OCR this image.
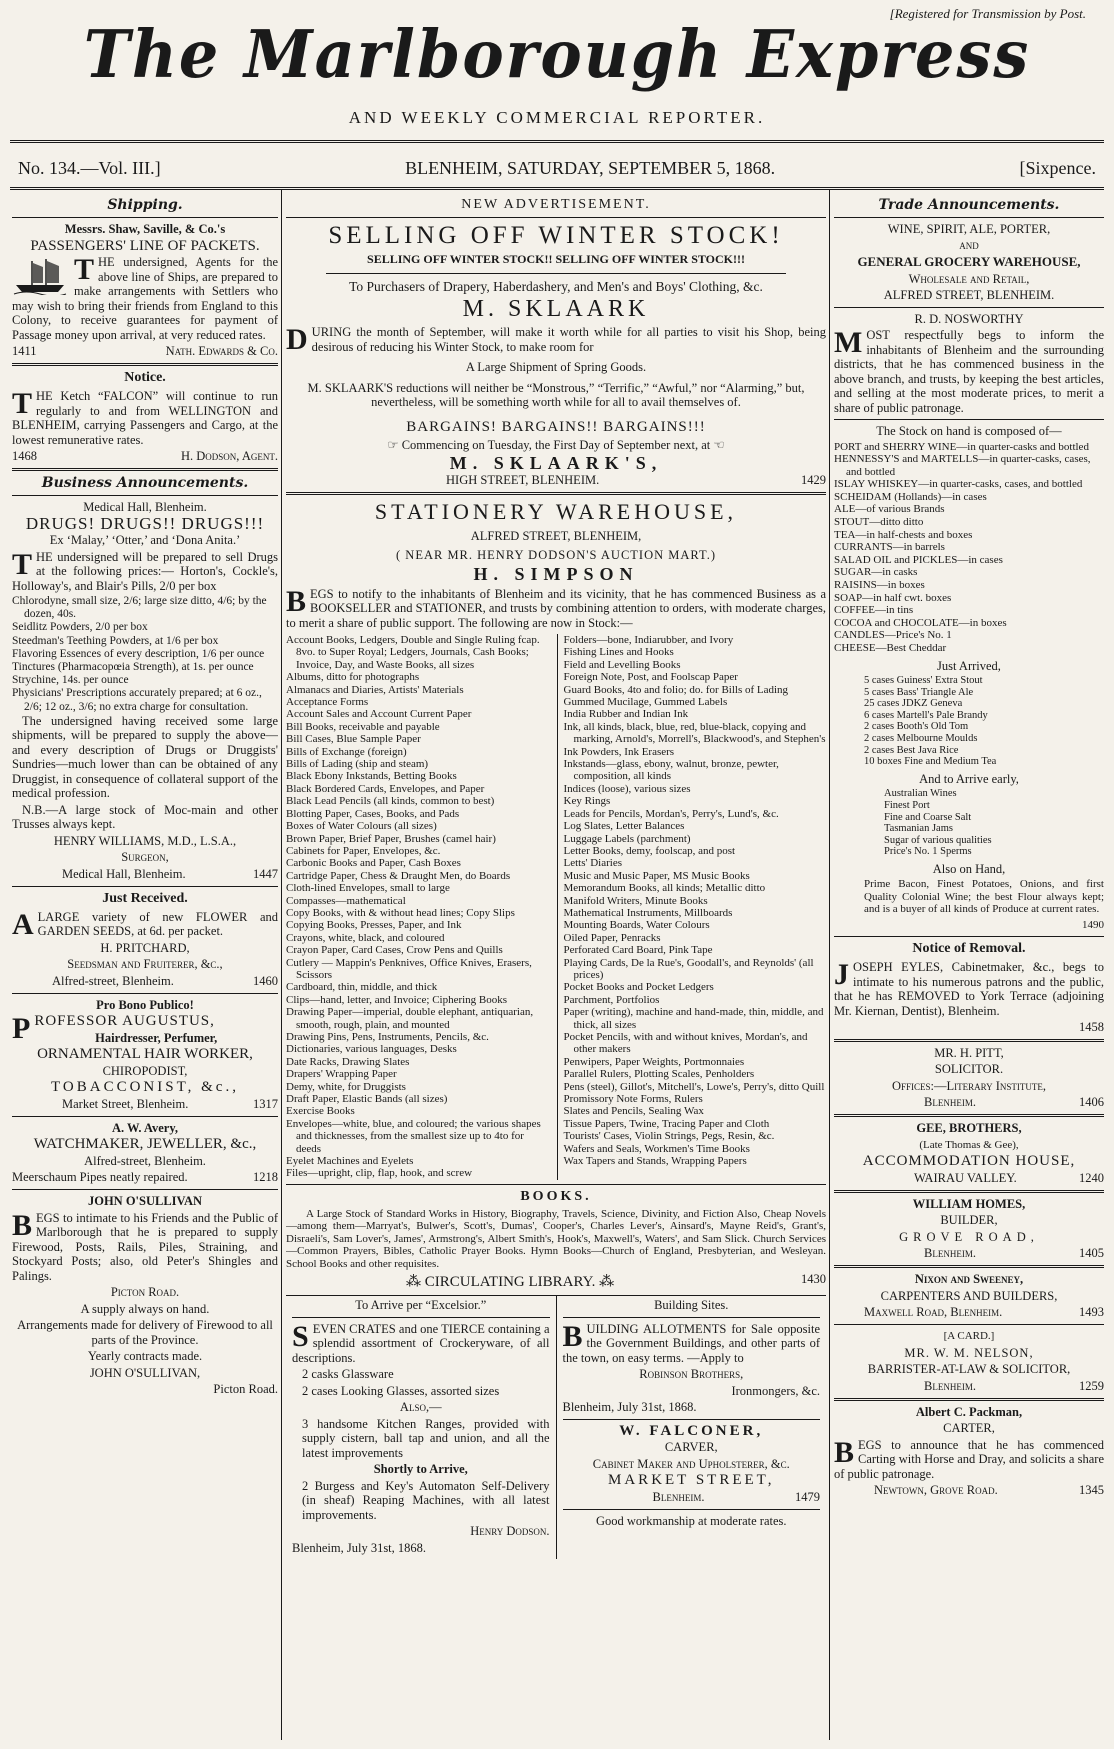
[Registered for Transmission by Post.
The Marlborough Express
AND WEEKLY COMMERCIAL REPORTER.
No. 134.—Vol. III.]	BLENHEIM, SATURDAY, SEPTEMBER 5, 1868.	[Sixpence.
Shipping.

Messrs. Shaw, Saville, & Co.'s

PASSENGERS' LINE OF PACKETS.

THE undersigned, Agents for the above line of Ships, are prepared to make arrangements with Settlers who may wish to bring their friends from England to this Colony, to receive guarantees for payment of Passage money upon arrival, at very reduced rates.

1411	Nath. Edwards & Co.
Notice.

THE Ketch “FALCON” will continue to run regularly to and from WELLINGTON and BLENHEIM, carrying Passengers and Cargo, at the lowest remunerative rates.

1468	H. Dodson, Agent.
Business Announcements.

Medical Hall, Blenheim.

DRUGS! DRUGS!! DRUGS!!!

Ex ‘Malay,’ ‘Otter,’ and ‘Dona Anita.’

THE undersigned will be prepared to sell Drugs at the following prices:— Horton's, Cockle's, Holloway's, and Blair's Pills, 2/0 per box

Chlorodyne, small size, 2/6; large size ditto, 4/6; by the dozen, 40s.
Seidlitz Powders, 2/0 per box
Steedman's Teething Powders, at 1/6 per box
Flavoring Essences of every description, 1/6 per ounce
Tinctures (Pharmacopœia Strength), at 1s. per ounce
Strychine, 14s. per ounce
Physicians' Prescriptions accurately prepared; at 6 oz., 2/6; 12 oz., 3/6; no extra charge for consultation.

The undersigned having received some large shipments, will be prepared to supply the above—and every description of Drugs or Druggists' Sundries—much lower than can be obtained of any Druggist, in consequence of collateral support of the medical profession.

N.B.—A large stock of Moc-main and other Trusses always kept.

HENRY WILLIAMS, M.D., L.S.A.,

Surgeon,

Medical Hall, Blenheim.	1447
Just Received.

ALARGE variety of new FLOWER and GARDEN SEEDS, at 6d. per packet.

H. PRITCHARD,

Seedsman and Fruiterer, &c.,

Alfred-street, Blenheim.	1460

Pro Bono Publico!

PROFESSOR AUGUSTUS,

Hairdresser, Perfumer,

ORNAMENTAL HAIR WORKER,

CHIROPODIST,

TOBACCONIST, &c.,

Market Street, Blenheim.	1317

A. W. Avery,

WATCHMAKER, JEWELLER, &c.,

Alfred-street, Blenheim.

Meerschaum Pipes neatly repaired.	1218

JOHN O'SULLIVAN

BEGS to intimate to his Friends and the Public of Marlborough that he is prepared to supply Firewood, Posts, Rails, Piles, Straining, and Stockyard Posts; also, old Peter's Shingles and Palings.

Picton Road.

A supply always on hand.

Arrangements made for delivery of Firewood to all parts of the Province.

Yearly contracts made.

JOHN O'SULLIVAN,

Picton Road.

NEW ADVERTISEMENT.
SELLING OFF WINTER STOCK!

SELLING OFF WINTER STOCK!! SELLING OFF WINTER STOCK!!!

To Purchasers of Drapery, Haberdashery, and Men's and Boys' Clothing, &c.

M. SKLAARK

DURING the month of September, will make it worth while for all parties to visit his Shop, being desirous of reducing his Winter Stock, to make room for

A Large Shipment of Spring Goods.

M. SKLAARK'S reductions will neither be “Monstrous,” “Terrific,” “Awful,” nor “Alarming,” but, nevertheless, will be something worth while for all to avail themselves of.

BARGAINS! BARGAINS!! BARGAINS!!!

☞ Commencing on Tuesday, the First Day of September next, at ☜

M. SKLAARK'S,

HIGH STREET, BLENHEIM.	1429
STATIONERY WAREHOUSE,

ALFRED STREET, BLENHEIM,

( NEAR MR. HENRY DODSON'S AUCTION MART.)

H. SIMPSON

BEGS to notify to the inhabitants of Blenheim and its vicinity, that he has commenced Business as a BOOKSELLER and STATIONER, and trusts by combining attention to orders, with moderate charges, to merit a share of public support. The following are now in Stock:—

Account Books, Ledgers, Double and Single Ruling fcap. 8vo. to Super Royal; Ledgers, Journals, Cash Books; Invoice, Day, and Waste Books, all sizes
Albums, ditto for photographs
Almanacs and Diaries, Artists' Materials
Acceptance Forms
Account Sales and Account Current Paper
Bill Books, receivable and payable
Bill Cases, Blue Sample Paper
Bills of Exchange (foreign)
Bills of Lading (ship and steam)
Black Ebony Inkstands, Betting Books
Black Bordered Cards, Envelopes, and Paper
Black Lead Pencils (all kinds, common to best)
Blotting Paper, Cases, Books, and Pads
Boxes of Water Colours (all sizes)
Brown Paper, Brief Paper, Brushes (camel hair)
Cabinets for Paper, Envelopes, &c.
Carbonic Books and Paper, Cash Boxes
Cartridge Paper, Chess & Draught Men, do Boards
Cloth-lined Envelopes, small to large
Compasses—mathematical
Copy Books, with & without head lines; Copy Slips
Copying Books, Presses, Paper, and Ink
Crayons, white, black, and coloured
Crayon Paper, Card Cases, Crow Pens and Quills
Cutlery — Mappin's Penknives, Office Knives, Erasers, Scissors
Cardboard, thin, middle, and thick
Clips—hand, letter, and Invoice; Ciphering Books
Drawing Paper—imperial, double elephant, antiquarian, smooth, rough, plain, and mounted
Drawing Pins, Pens, Instruments, Pencils, &c.
Dictionaries, various languages, Desks
Date Racks, Drawing Slates
Drapers' Wrapping Paper
Demy, white, for Druggists
Draft Paper, Elastic Bands (all sizes)
Exercise Books
Envelopes—white, blue, and coloured; the various shapes and thicknesses, from the smallest size up to 4to for deeds
Eyelet Machines and Eyelets
Files—upright, clip, flap, hook, and screw
Folders—bone, Indiarubber, and Ivory
Fishing Lines and Hooks
Field and Levelling Books
Foreign Note, Post, and Foolscap Paper
Guard Books, 4to and folio; do. for Bills of Lading
Gummed Mucilage, Gummed Labels
India Rubber and Indian Ink
Ink, all kinds, black, blue, red, blue-black, copying and marking, Arnold's, Morrell's, Blackwood's, and Stephen's
Ink Powders, Ink Erasers
Inkstands—glass, ebony, walnut, bronze, pewter, composition, all kinds
Indices (loose), various sizes
Key Rings
Leads for Pencils, Mordan's, Perry's, Lund's, &c.
Log Slates, Letter Balances
Luggage Labels (parchment)
Letter Books, demy, foolscap, and post
Letts' Diaries
Music and Music Paper, MS Music Books
Memorandum Books, all kinds; Metallic ditto
Manifold Writers, Minute Books
Mathematical Instruments, Millboards
Mounting Boards, Water Colours
Oiled Paper, Penracks
Perforated Card Board, Pink Tape
Playing Cards, De la Rue's, Goodall's, and Reynolds' (all prices)
Pocket Books and Pocket Ledgers
Parchment, Portfolios
Paper (writing), machine and hand-made, thin, middle, and thick, all sizes
Pocket Pencils, with and without knives, Mordan's, and other makers
Penwipers, Paper Weights, Portmonnaies
Parallel Rulers, Plotting Scales, Penholders
Pens (steel), Gillot's, Mitchell's, Lowe's, Perry's, ditto Quill
Promissory Note Forms, Rulers
Slates and Pencils, Sealing Wax
Tissue Papers, Twine, Tracing Paper and Cloth
Tourists' Cases, Violin Strings, Pegs, Resin, &c.
Wafers and Seals, Workmen's Time Books
Wax Tapers and Stands, Wrapping Papers
BOOKS.

A Large Stock of Standard Works in History, Biography, Travels, Science, Divinity, and Fiction Also, Cheap Novels—among them—Marryat's, Bulwer's, Scott's, Dumas', Cooper's, Charles Lever's, Ainsard's, Mayne Reid's, Grant's, Disraeli's, Sam Lover's, James', Armstrong's, Albert Smith's, Hook's, Maxwell's, Waters', and Sam Slick. Church Services—Common Prayers, Bibles, Catholic Prayer Books. Hymn Books—Church of England, Presbyterian, and Wesleyan. School Books and other requisites.

⁂ CIRCULATING LIBRARY. ⁂	1430

To Arrive per “Excelsior.”

SEVEN CRATES and one TIERCE containing a splendid assortment of Crockeryware, of all descriptions.

2 casks Glassware

2 cases Looking Glasses, assorted sizes

Also,—

3 handsome Kitchen Ranges, provided with supply cistern, ball tap and union, and all the latest improvements

Shortly to Arrive,

2 Burgess and Key's Automaton Self-Delivery (in sheaf) Reaping Machines, with all latest improvements.

Henry Dodson.

Blenheim, July 31st, 1868.

Building Sites.

BUILDING ALLOTMENTS for Sale opposite the Government Buildings, and other parts of the town, on easy terms. —Apply to

Robinson Brothers,

Ironmongers, &c.

Blenheim, July 31st, 1868.

W. FALCONER,

CARVER,

Cabinet Maker and Upholsterer, &c.

MARKET STREET,

Blenheim.	1479

Good workmanship at moderate rates.

Trade Announcements.

WINE, SPIRIT, ALE, PORTER,

AND

GENERAL GROCERY WAREHOUSE,

Wholesale and Retail,

ALFRED STREET, BLENHEIM.

R. D. NOSWORTHY

MOST respectfully begs to inform the inhabitants of Blenheim and the surrounding districts, that he has commenced business in the above branch, and trusts, by keeping the best articles, and selling at the most moderate prices, to merit a share of public patronage.

The Stock on hand is composed of—

PORT and SHERRY WINE—in quarter-casks and bottled
HENNESSY'S and MARTELLS—in quarter-casks, cases, and bottled
ISLAY WHISKEY—in quarter-casks, cases, and bottled
SCHEIDAM (Hollands)—in cases
ALE—of various Brands
STOUT—ditto ditto
TEA—in half-chests and boxes
CURRANTS—in barrels
SALAD OIL and PICKLES—in cases
SUGAR—in casks
RAISINS—in boxes
SOAP—in half cwt. boxes
COFFEE—in tins
COCOA and CHOCOLATE—in boxes
CANDLES—Price's No. 1
CHEESE—Best Cheddar

Just Arrived,

5 cases Guiness' Extra Stout
5 cases Bass' Triangle Ale
25 cases JDKZ Geneva
6 cases Martell's Pale Brandy
2 cases Booth's Old Tom
2 cases Melbourne Moulds
2 cases Best Java Rice
10 boxes Fine and Medium Tea

And to Arrive early,

Australian Wines
Finest Port
Fine and Coarse Salt
Tasmanian Jams
Sugar of various qualities
Price's No. 1 Sperms

Also on Hand,

Prime Bacon, Finest Potatoes, Onions, and first Quality Colonial Wine; the best Flour always kept; and is a buyer of all kinds of Produce at current rates.

1490

Notice of Removal.

JOSEPH EYLES, Cabinetmaker, &c., begs to intimate to his numerous patrons and the public, that he has REMOVED to York Terrace (adjoining Mr. Kiernan, Dentist), Blenheim.

1458

MR. H. PITT,

SOLICITOR.

Offices:—Literary Institute,

Blenheim.	1406

GEE, BROTHERS,

(Late Thomas & Gee),

ACCOMMODATION HOUSE,

WAIRAU VALLEY.	1240

WILLIAM HOMES,

BUILDER,

GROVE ROAD,

Blenheim.	1405

Nixon and Sweeney,

CARPENTERS AND BUILDERS,

Maxwell Road, Blenheim.	1493

[A CARD.]

MR. W. M. NELSON,

BARRISTER-AT-LAW & SOLICITOR,

Blenheim.	1259

Albert C. Packman,

CARTER,

BEGS to announce that he has commenced Carting with Horse and Dray, and solicits a share of public patronage.

Newtown, Grove Road.	1345
